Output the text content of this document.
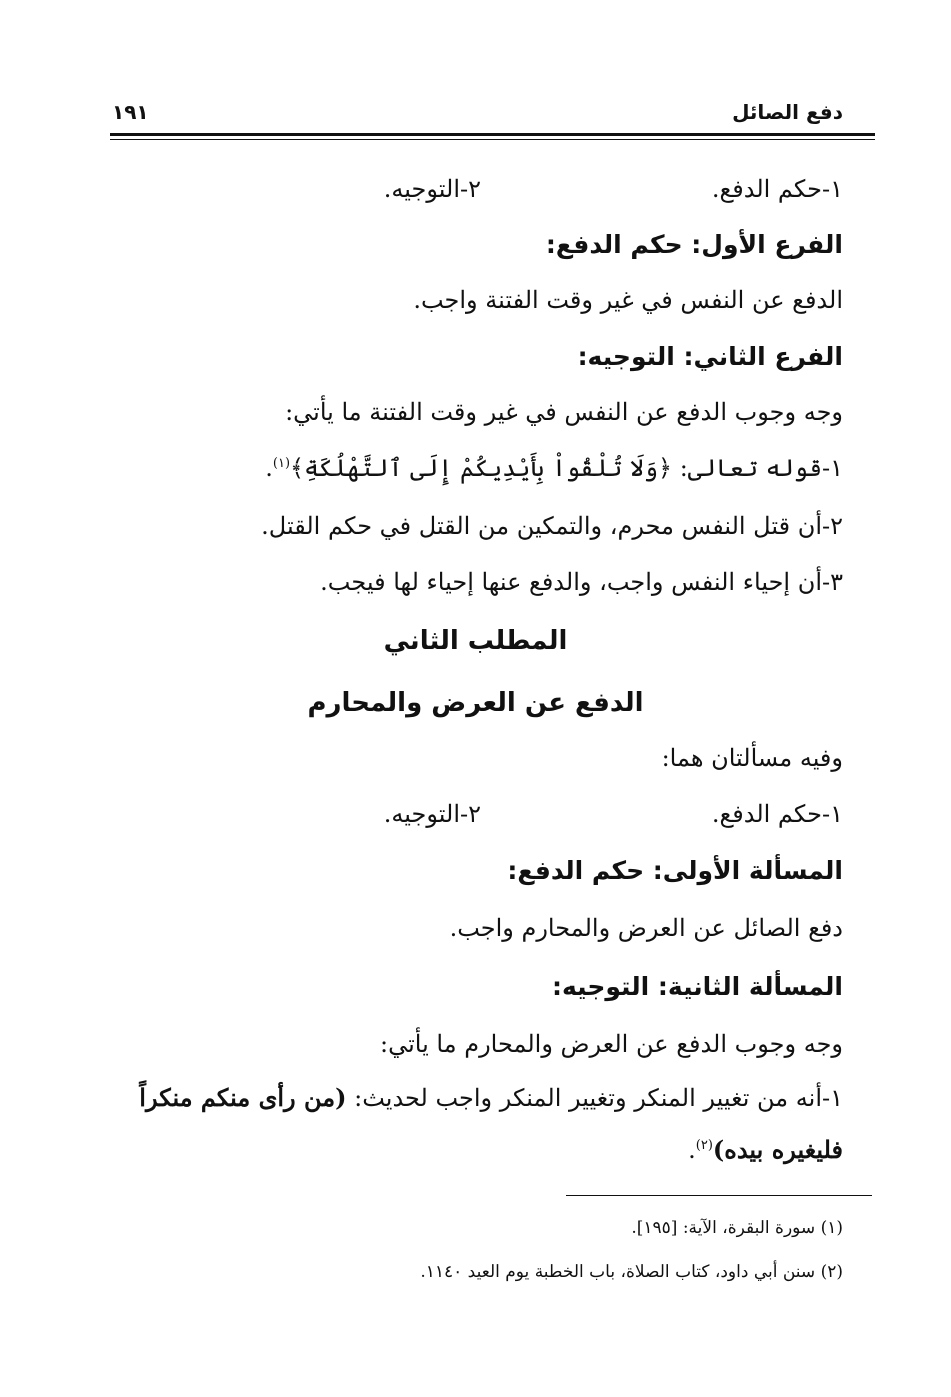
١٩١	دفع الصائل
١-حكم الدفع.
٢-التوجيه.
الفرع الأول: حكم الدفع:
الدفع عن النفس في غير وقت الفتنة واجب.
الفرع الثاني: التوجيه:
وجه وجوب الدفع عن النفس في غير وقت الفتنة ما يأتي:
١-قوله تعالى: ﴿وَلَا تُلْقُواْ بِأَيْدِيكُمْ إِلَى ٱلتَّهْلُكَةِ﴾$^{(١)}$.
٢-أن قتل النفس محرم، والتمكين من القتل في حكم القتل.
٣-أن إحياء النفس واجب، والدفع عنها إحياء لها فيجب.
المطلب الثاني
الدفع عن العرض والمحارم
وفيه مسألتان هما:
١-حكم الدفع.
٢-التوجيه.
المسألة الأولى: حكم الدفع:
دفع الصائل عن العرض والمحارم واجب.
المسألة الثانية: التوجيه:
وجه وجوب الدفع عن العرض والمحارم ما يأتي:
١-أنه من تغيير المنكر وتغيير المنكر واجب لحديث: (من رأى منكم منكراً
فليغيره بيده)$^{(٢)}$.
(١) سورة البقرة، الآية: [١٩٥].
(٢) سنن أبي داود، كتاب الصلاة، باب الخطبة يوم العيد ١١٤٠.
